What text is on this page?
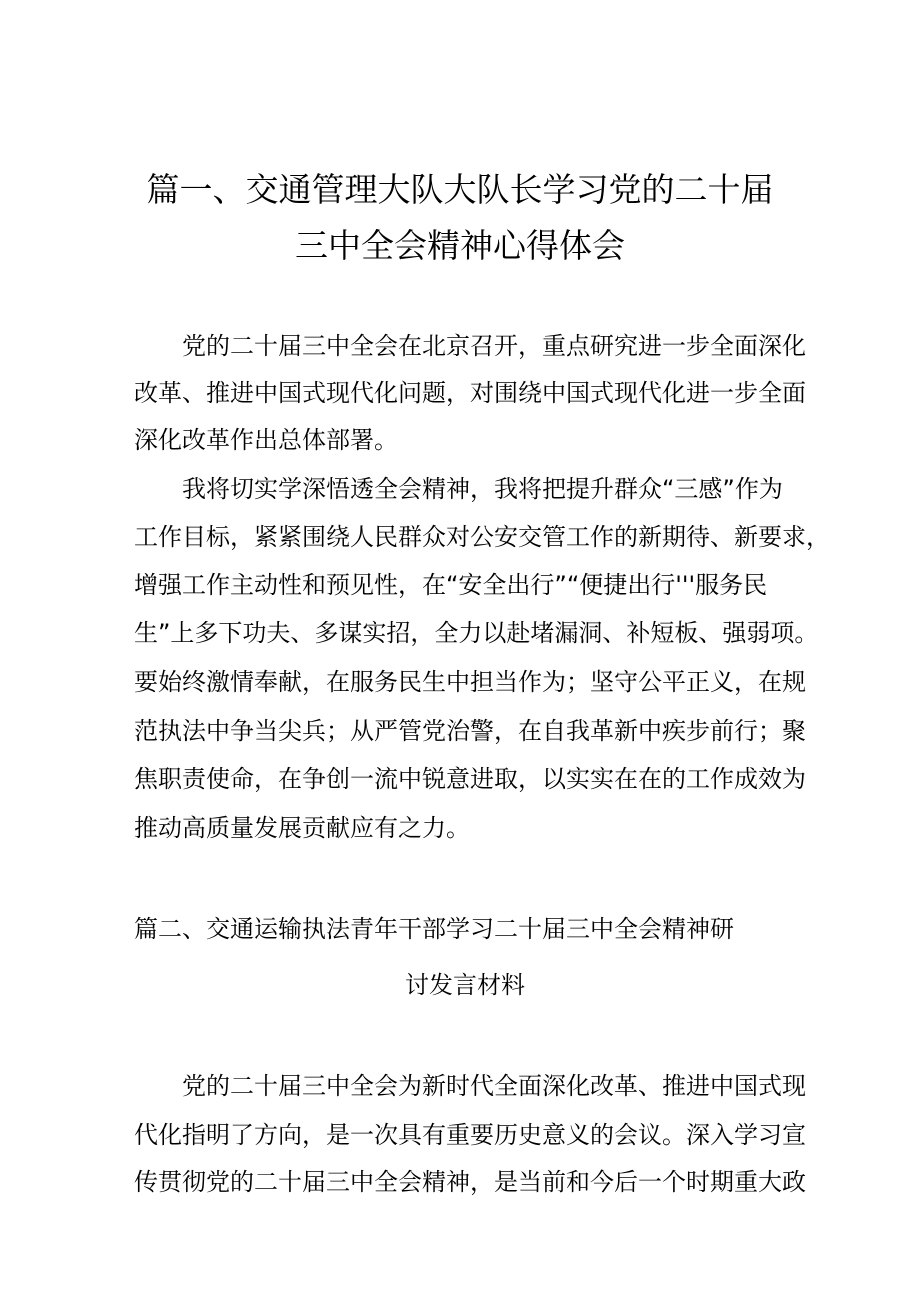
篇一、交通管理大队大队长学习党的二十届
三中全会精神心得体会
党的二十届三中全会在北京召开，重点研究进一步全面深化
改革、推进中国式现代化问题，对围绕中国式现代化进一步全面
深化改革作出总体部署。
我将切实学深悟透全会精神，我将把提升群众“三感”作为
工作目标，紧紧围绕人民群众对公安交管工作的新期待、新要求，
增强工作主动性和预见性，在“安全出行”“便捷出行'''服务民
生”上多下功夫、多谋实招，全力以赴堵漏洞、补短板、强弱项。
要始终激情奉献，在服务民生中担当作为；坚守公平正义，在规
范执法中争当尖兵；从严管党治警，在自我革新中疾步前行；聚
焦职责使命，在争创一流中锐意进取，以实实在在的工作成效为
推动高质量发展贡献应有之力。
篇二、交通运输执法青年干部学习二十届三中全会精神研
讨发言材料
党的二十届三中全会为新时代全面深化改革、推进中国式现
代化指明了方向，是一次具有重要历史意义的会议。深入学习宣
传贯彻党的二十届三中全会精神，是当前和今后一个时期重大政
